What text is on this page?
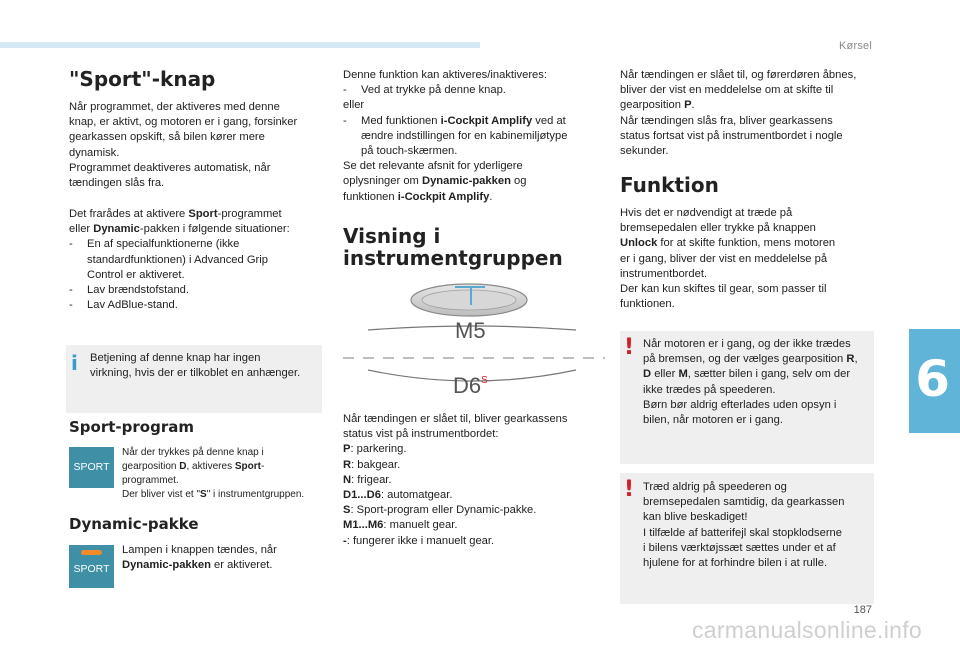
Kørsel
6
187
carmanualsonline.info
"Sport"-knap
Når programmet, der aktiveres med denne
knap, er aktivt, og motoren er i gang, forsinker
gearkassen opskift, så bilen kører mere
dynamisk.
Programmet deaktiveres automatisk, når
tændingen slås fra.
Det frarådes at aktivere Sport-programmet
eller Dynamic-pakken i følgende situationer:
- En af specialfunktionerne (ikke
standardfunktionen) i Advanced Grip
Control er aktiveret.
- Lav brændstofstand.
- Lav AdBlue-stand.
i Betjening af denne knap har ingen
virkning, hvis der er tilkoblet en anhænger.
Sport-program
SPORT
Når der trykkes på denne knap i
gearposition D, aktiveres Sport-
programmet.
Der bliver vist et "S" i instrumentgruppen.
Dynamic-pakke
SPORT
Lampen i knappen tændes, når
Dynamic-pakken er aktiveret.
Denne funktion kan aktiveres/inaktiveres:
- Ved at trykke på denne knap.
eller
- Med funktionen i-Cockpit Amplify ved at
ændre indstillingen for en kabinemiljøtype
på touch-skærmen.
Se det relevante afsnit for yderligere
oplysninger om Dynamic-pakken og
funktionen i-Cockpit Amplify.
Visning i
instrumentgruppen
M5
D6 S
Når tændingen er slået til, bliver gearkassens
status vist på instrumentbordet:
P: parkering.
R: bakgear.
N: frigear.
D1...D6: automatgear.
S: Sport-program eller Dynamic-pakke.
M1...M6: manuelt gear.
-: fungerer ikke i manuelt gear.
Når tændingen er slået til, og førerdøren åbnes,
bliver der vist en meddelelse om at skifte til
gearposition P.
Når tændingen slås fra, bliver gearkassens
status fortsat vist på instrumentbordet i nogle
sekunder.
Funktion
Hvis det er nødvendigt at træde på
bremsepedalen eller trykke på knappen
Unlock for at skifte funktion, mens motoren
er i gang, bliver der vist en meddelelse på
instrumentbordet.
Der kan kun skiftes til gear, som passer til
funktionen.
! Når motoren er i gang, og der ikke trædes
på bremsen, og der vælges gearposition R,
D eller M, sætter bilen i gang, selv om der
ikke trædes på speederen.
Børn bør aldrig efterlades uden opsyn i
bilen, når motoren er i gang.
! Træd aldrig på speederen og
bremsepedalen samtidig, da gearkassen
kan blive beskadiget!
I tilfælde af batterifejl skal stopklodserne
i bilens værktøjssæt sættes under et af
hjulene for at forhindre bilen i at rulle.
